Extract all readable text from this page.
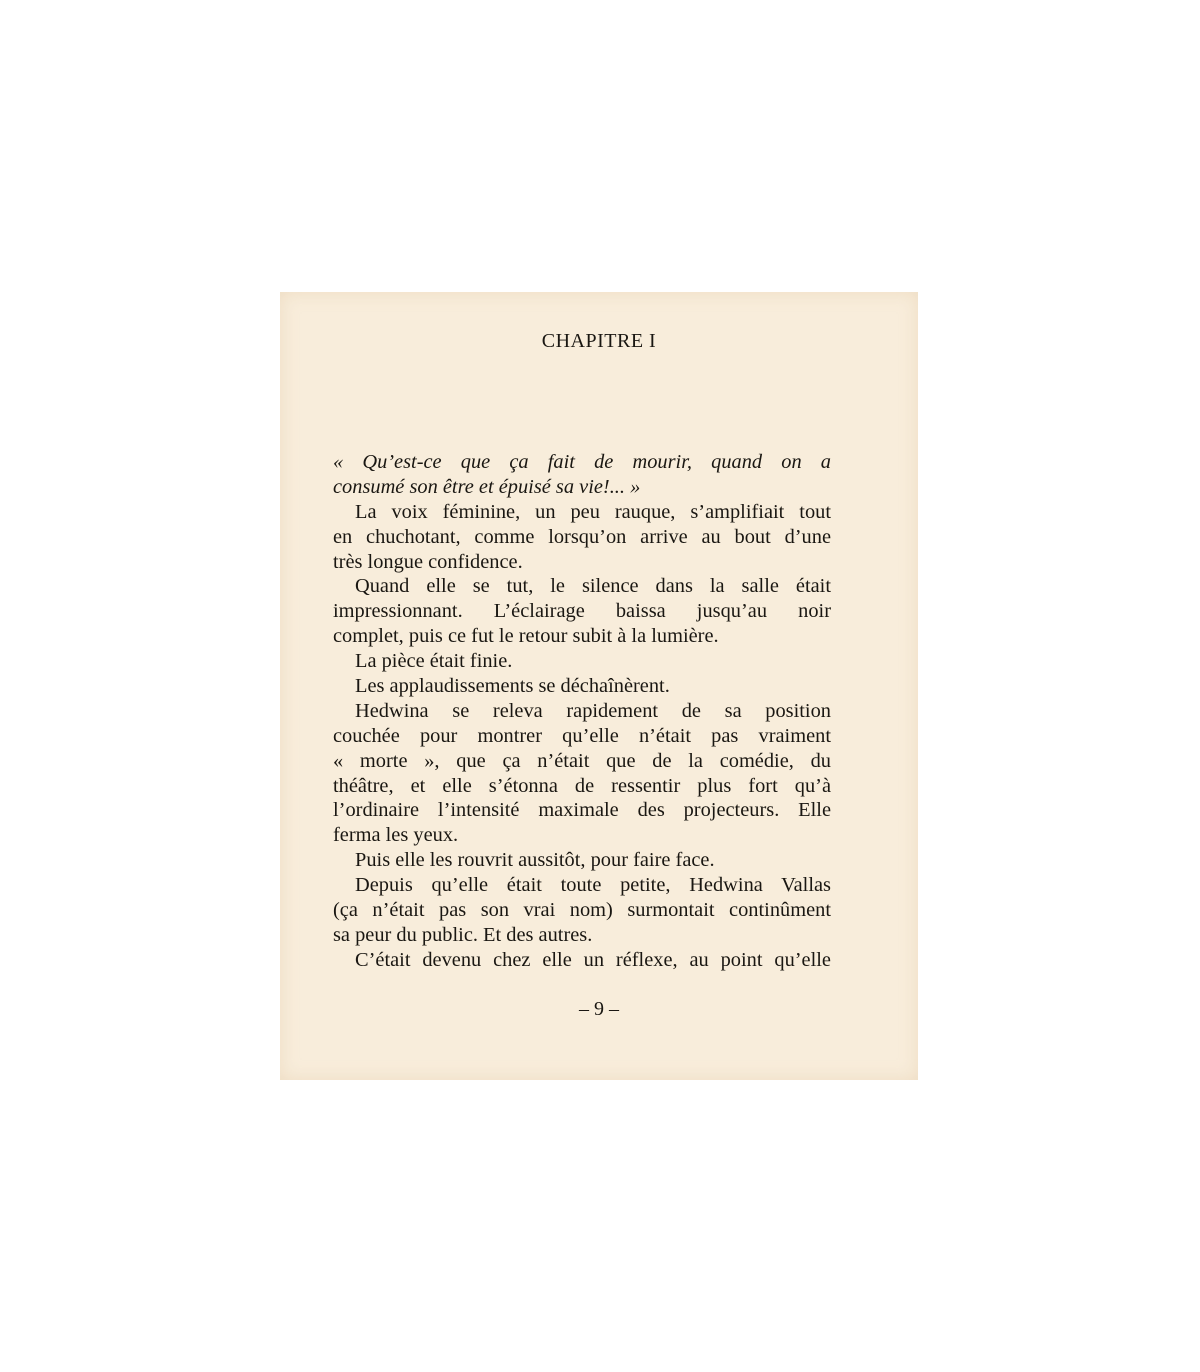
CHAPITRE I
« Qu’est-ce que ça fait de mourir, quand on a
consumé son être et épuisé sa vie!... »
La voix féminine, un peu rauque, s’amplifiait tout
en chuchotant, comme lorsqu’on arrive au bout d’une
très longue confidence.
Quand elle se tut, le silence dans la salle était
impressionnant. L’éclairage baissa jusqu’au noir
complet, puis ce fut le retour subit à la lumière.
La pièce était finie.
Les applaudissements se déchaînèrent.
Hedwina se releva rapidement de sa position
couchée pour montrer qu’elle n’était pas vraiment
« morte », que ça n’était que de la comédie, du
théâtre, et elle s’étonna de ressentir plus fort qu’à
l’ordinaire l’intensité maximale des projecteurs. Elle
ferma les yeux.
Puis elle les rouvrit aussitôt, pour faire face.
Depuis qu’elle était toute petite, Hedwina Vallas
(ça n’était pas son vrai nom) surmontait continûment
sa peur du public. Et des autres.
C’était devenu chez elle un réflexe, au point qu’elle
– 9 –
